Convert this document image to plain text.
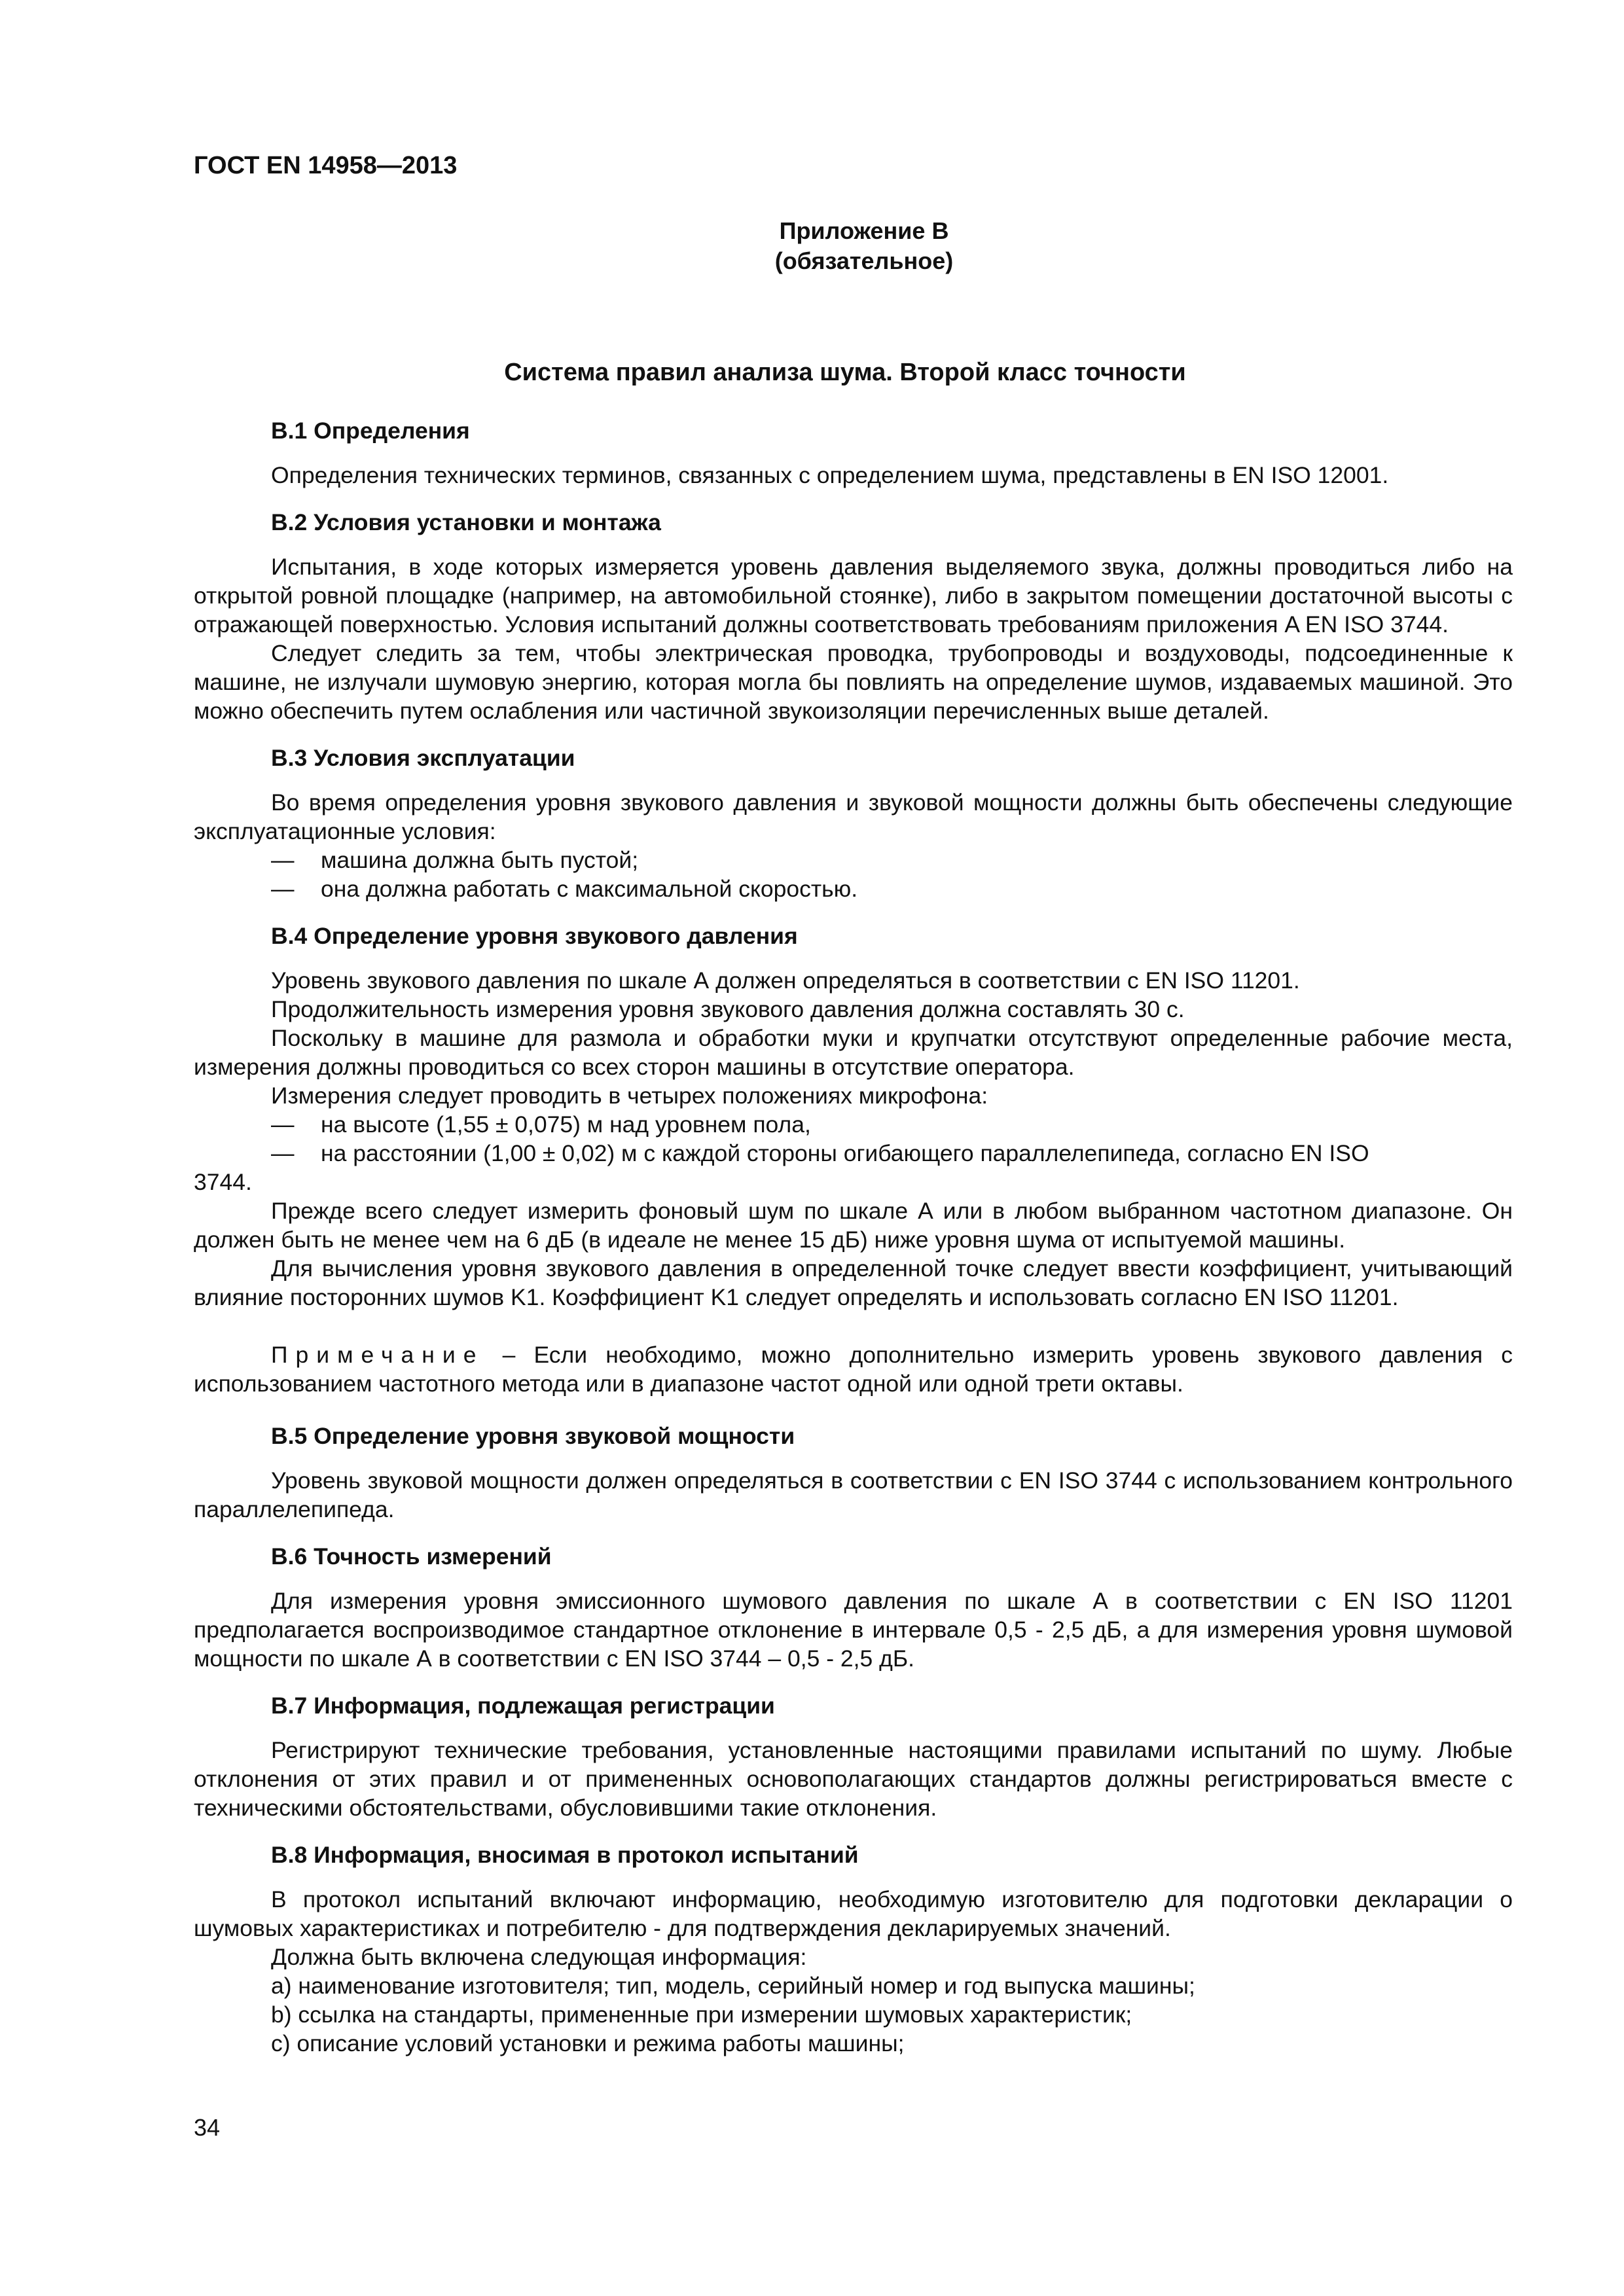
ГОСТ EN 14958—2013
Приложение B
(обязательное)
Система правил анализа шума. Второй класс точности
B.1 Определения

Определения технических терминов, связанных с определением шума, представлены в EN ISO 12001.

B.2 Условия установки и монтажа

Испытания, в ходе которых измеряется уровень давления выделяемого звука, должны проводиться либо на открытой ровной площадке (например, на автомобильной стоянке), либо в закрытом помещении достаточной высоты с отражающей поверхностью. Условия испытаний должны соответствовать требованиям приложения A EN ISO 3744.

Следует следить за тем, чтобы электрическая проводка, трубопроводы и воздуховоды, подсоединенные к машине, не излучали шумовую энергию, которая могла бы повлиять на определение шумов, издаваемых машиной. Это можно обеспечить путем ослабления или частичной звукоизоляции перечисленных выше деталей.

B.3 Условия эксплуатации

Во время определения уровня звукового давления и звуковой мощности должны быть обеспечены следующие эксплуатационные условия:

—	машина должна быть пустой;
—	она должна работать с максимальной скоростью.
B.4 Определение уровня звукового давления

Уровень звукового давления по шкале А должен определяться в соответствии с EN ISO 11201.

Продолжительность измерения уровня звукового давления должна составлять 30 с.

Поскольку в машине для размола и обработки муки и крупчатки отсутствуют определенные рабочие места, измерения должны проводиться со всех сторон машины в отсутствие оператора.

Измерения следует проводить в четырех положениях микрофона:

—	на высоте (1,55 ± 0,075) м над уровнем пола,
—	на расстоянии (1,00 ± 0,02) м с каждой стороны огибающего параллелепипеда, согласно EN ISO

3744.

Прежде всего следует измерить фоновый шум по шкале А или в любом выбранном частотном диапазоне. Он должен быть не менее чем на 6 дБ (в идеале не менее 15 дБ) ниже уровня шума от испытуемой машины.

Для вычисления уровня звукового давления в определенной точке следует ввести коэффициент, учитывающий влияние посторонних шумов K1. Коэффициент K1 следует определять и использовать согласно EN ISO 11201.

Примечание – Если необходимо, можно дополнительно измерить уровень звукового давления с использованием частотного метода или в диапазоне частот одной или одной трети октавы.

B.5 Определение уровня звуковой мощности

Уровень звуковой мощности должен определяться в соответствии с EN ISO 3744 с использованием контрольного параллелепипеда.

B.6 Точность измерений

Для измерения уровня эмиссионного шумового давления по шкале А в соответствии с EN ISO 11201 предполагается воспроизводимое стандартное отклонение в интервале 0,5 - 2,5 дБ, а для измерения уровня шумовой мощности по шкале А в соответствии с EN ISO 3744 – 0,5 - 2,5 дБ.

B.7 Информация, подлежащая регистрации

Регистрируют технические требования, установленные настоящими правилами испытаний по шуму. Любые отклонения от этих правил и от примененных основополагающих стандартов должны регистрироваться вместе с техническими обстоятельствами, обусловившими такие отклонения.

B.8 Информация, вносимая в протокол испытаний

В протокол испытаний включают информацию, необходимую изготовителю для подготовки декларации о шумовых характеристиках и потребителю - для подтверждения декларируемых значений.

Должна быть включена следующая информация:

a) наименование изготовителя; тип, модель, серийный номер и год выпуска машины;

b) ссылка на стандарты, примененные при измерении шумовых характеристик;

c) описание условий установки и режима работы машины;

34
